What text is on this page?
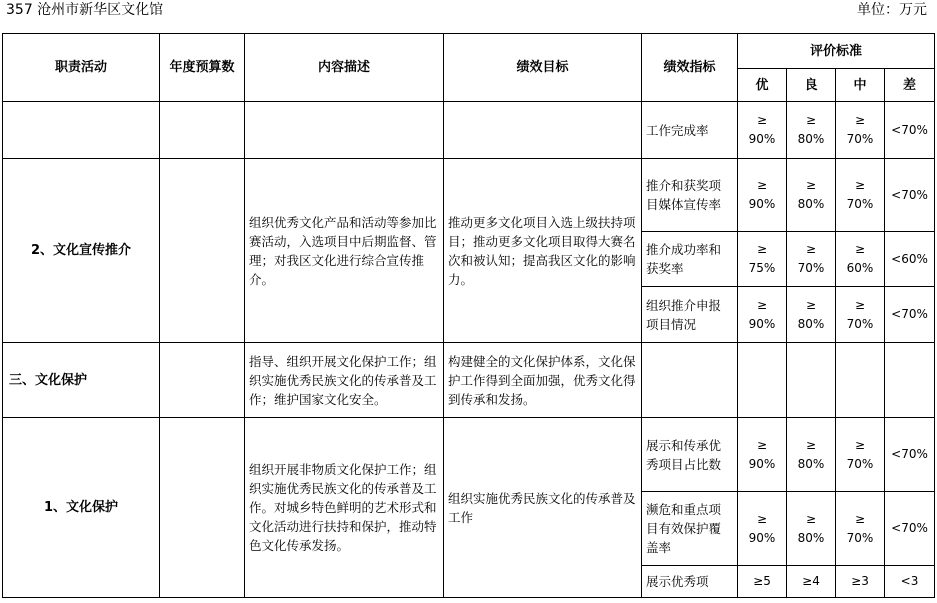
357 沧州市新华区文化馆	单位：万元
职责活动	年度预算数	内容描述	绩效目标	绩效指标	评价标准			
					优	良	中	差
				工作完成率	≥ 90%	≥ 80%	≥ 70%	<70%
2、文化宣传推介		组织优秀文化产品和活动等参加比赛活动，入选项目中后期监督、管理；对我区文化进行综合宣传推介。	推动更多文化项目入选上级扶持项目；推动更多文化项目取得大赛名次和被认知；提高我区文化的影响力。	推介和获奖项目媒体宣传率	≥ 90%	≥ 80%	≥ 70%	<70%
				推介成功率和获奖率	≥ 75%	≥ 70%	≥ 60%	<60%
				组织推介申报项目情况	≥ 90%	≥ 80%	≥ 70%	<70%
三、文化保护		指导、组织开展文化保护工作；组织实施优秀民族文化的传承普及工作；维护国家文化安全。	构建健全的文化保护体系，文化保护工作得到全面加强，优秀文化得到传承和发扬。					
1、文化保护		组织开展非物质文化保护工作；组织实施优秀民族文化的传承普及工作。对城乡特色鲜明的艺术形式和文化活动进行扶持和保护，推动特色文化传承发扬。	组织实施优秀民族文化的传承普及工作	展示和传承优秀项目占比数	≥ 90%	≥ 80%	≥ 70%	<70%
				濒危和重点项目有效保护覆盖率	≥ 90%	≥ 80%	≥ 70%	<70%
				展示优秀项	≥5	≥4	≥3	<3
